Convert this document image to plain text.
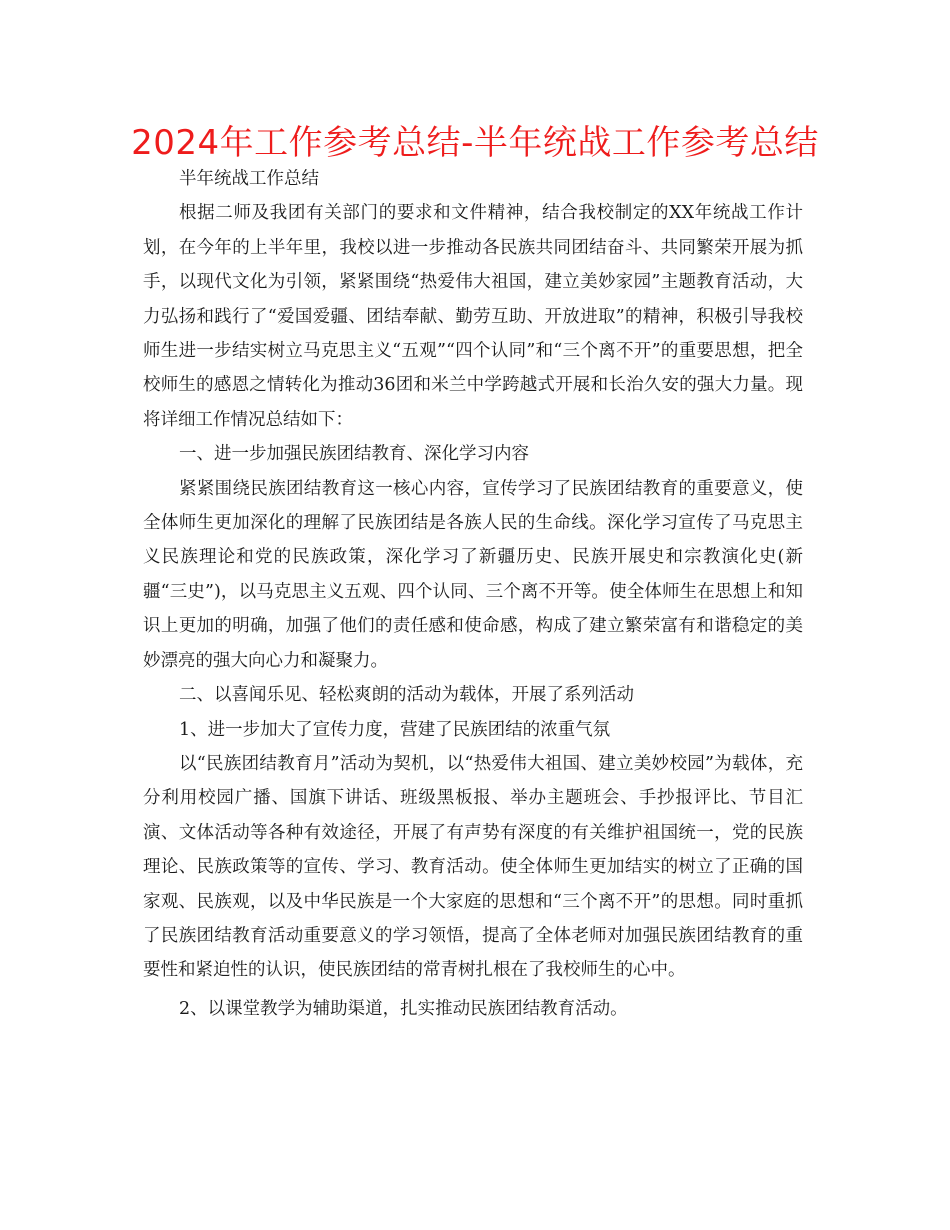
2024年工作参考总结-半年统战工作参考总结

半年统战工作总结

根据二师及我团有关部门的要求和文件精神，结合我校制定的XX年统战工作计划，在今年的上半年里，我校以进一步推动各民族共同团结奋斗、共同繁荣开展为抓手，以现代文化为引领，紧紧围绕“热爱伟大祖国，建立美妙家园”主题教育活动，大力弘扬和践行了“爱国爱疆、团结奉献、勤劳互助、开放进取”的精神，积极引导我校师生进一步结实树立马克思主义“五观”“四个认同”和“三个离不开”的重要思想，把全校师生的感恩之情转化为推动36团和米兰中学跨越式开展和长治久安的强大力量。现将详细工作情况总结如下：

一、进一步加强民族团结教育、深化学习内容

紧紧围绕民族团结教育这一核心内容，宣传学习了民族团结教育的重要意义，使全体师生更加深化的理解了民族团结是各族人民的生命线。深化学习宣传了马克思主义民族理论和党的民族政策，深化学习了新疆历史、民族开展史和宗教演化史(新疆“三史”)，以马克思主义五观、四个认同、三个离不开等。使全体师生在思想上和知识上更加的明确，加强了他们的责任感和使命感，构成了建立繁荣富有和谐稳定的美妙漂亮的强大向心力和凝聚力。

二、以喜闻乐见、轻松爽朗的活动为载体，开展了系列活动

1、进一步加大了宣传力度，营建了民族团结的浓重气氛

以“民族团结教育月”活动为契机，以“热爱伟大祖国、建立美妙校园”为载体，充分利用校园广播、国旗下讲话、班级黑板报、举办主题班会、手抄报评比、节目汇演、文体活动等各种有效途径，开展了有声势有深度的有关维护祖国统一，党的民族理论、民族政策等的宣传、学习、教育活动。使全体师生更加结实的树立了正确的国家观、民族观，以及中华民族是一个大家庭的思想和“三个离不开”的思想。同时重抓了民族团结教育活动重要意义的学习领悟，提高了全体老师对加强民族团结教育的重要性和紧迫性的认识，使民族团结的常青树扎根在了我校师生的心中。

2、以课堂教学为辅助渠道，扎实推动民族团结教育活动。
